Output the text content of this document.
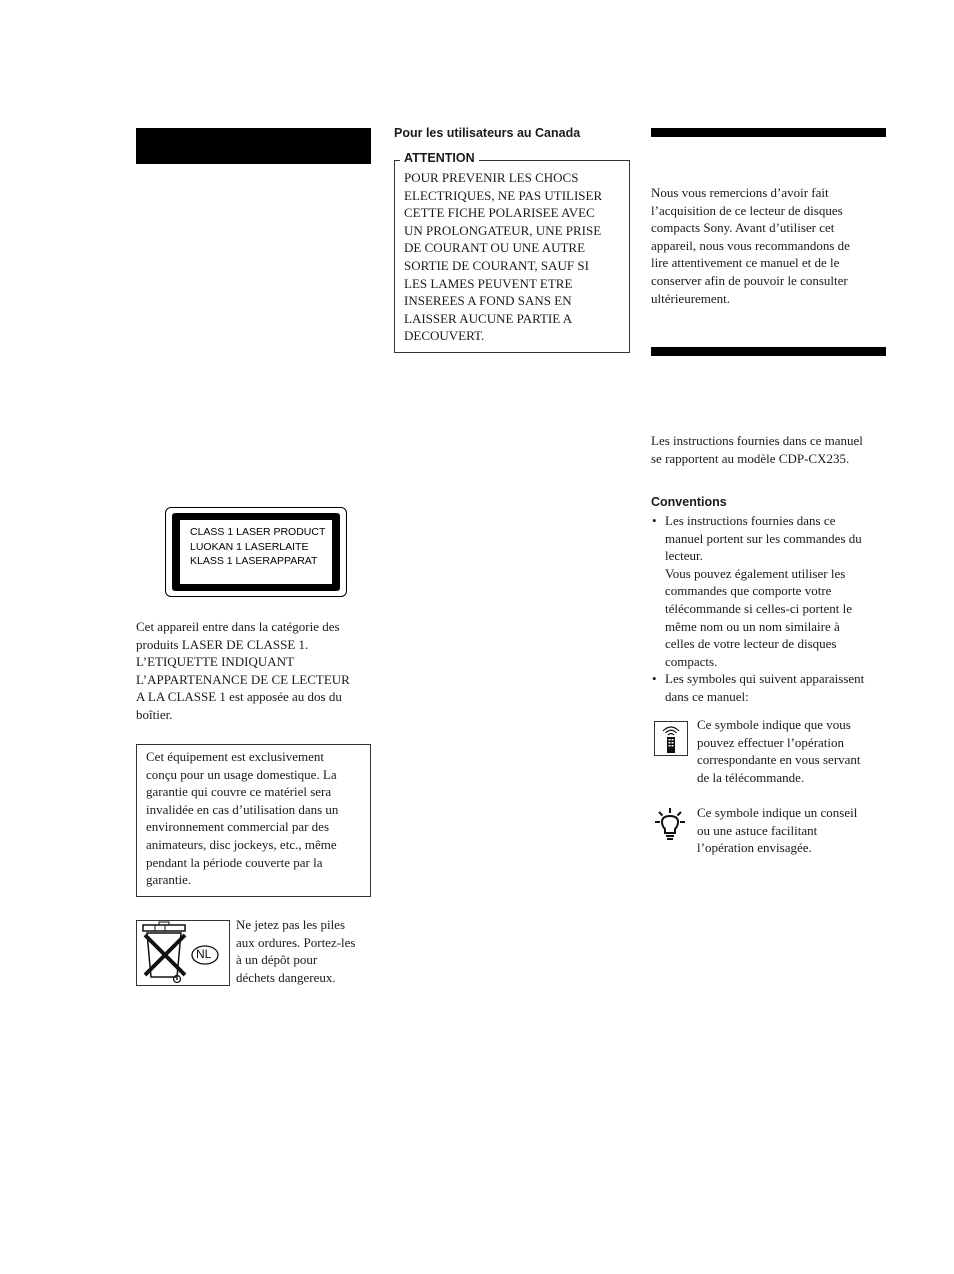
CLASS 1 LASER PRODUCT
LUOKAN 1 LASERLAITE
KLASS 1 LASERAPPARAT

Cet appareil entre dans la catégorie des

produits LASER DE CLASSE 1.

L’ETIQUETTE INDIQUANT

L’APPARTENANCE DE CE LECTEUR

A LA CLASSE 1 est apposée au dos du

boîtier.

Cet équipement est exclusivement

conçu pour un usage domestique. La

garantie qui couvre ce matériel sera

invalidée en cas d’utilisation dans un

environnement commercial par des

animateurs, disc jockeys, etc., même

pendant la période couverte par la

garantie.

NL

Ne jetez pas les piles

aux ordures. Portez-les

à un dépôt pour

déchets dangereux.

Pour les utilisateurs au Canada
ATTENTION

POUR PREVENIR LES CHOCS

ELECTRIQUES, NE PAS UTILISER

CETTE FICHE POLARISEE AVEC

UN PROLONGATEUR, UNE PRISE

DE COURANT OU UNE AUTRE

SORTIE DE COURANT, SAUF SI

LES LAMES PEUVENT ETRE

INSEREES A FOND SANS EN

LAISSER AUCUNE PARTIE A

DECOUVERT.

Nous vous remercions d’avoir fait

l’acquisition de ce lecteur de disques

compacts Sony. Avant d’utiliser cet

appareil, nous vous recommandons de

lire attentivement ce manuel et de le

conserver afin de pouvoir le consulter

ultérieurement.

Les instructions fournies dans ce manuel

se rapportent au modèle CDP-CX235.

Conventions
• Les instructions fournies dans ce

manuel portent sur les commandes du

lecteur.

Vous pouvez également utiliser les

commandes que comporte votre

télécommande si celles-ci portent le

même nom ou un nom similaire à

celles de votre lecteur de disques

compacts.

• Les symboles qui suivent apparaissent

dans ce manuel:

Ce symbole indique que vous

pouvez effectuer l’opération

correspondante en vous servant

de la télécommande.

Ce symbole indique un conseil

ou une astuce facilitant

l’opération envisagée.
